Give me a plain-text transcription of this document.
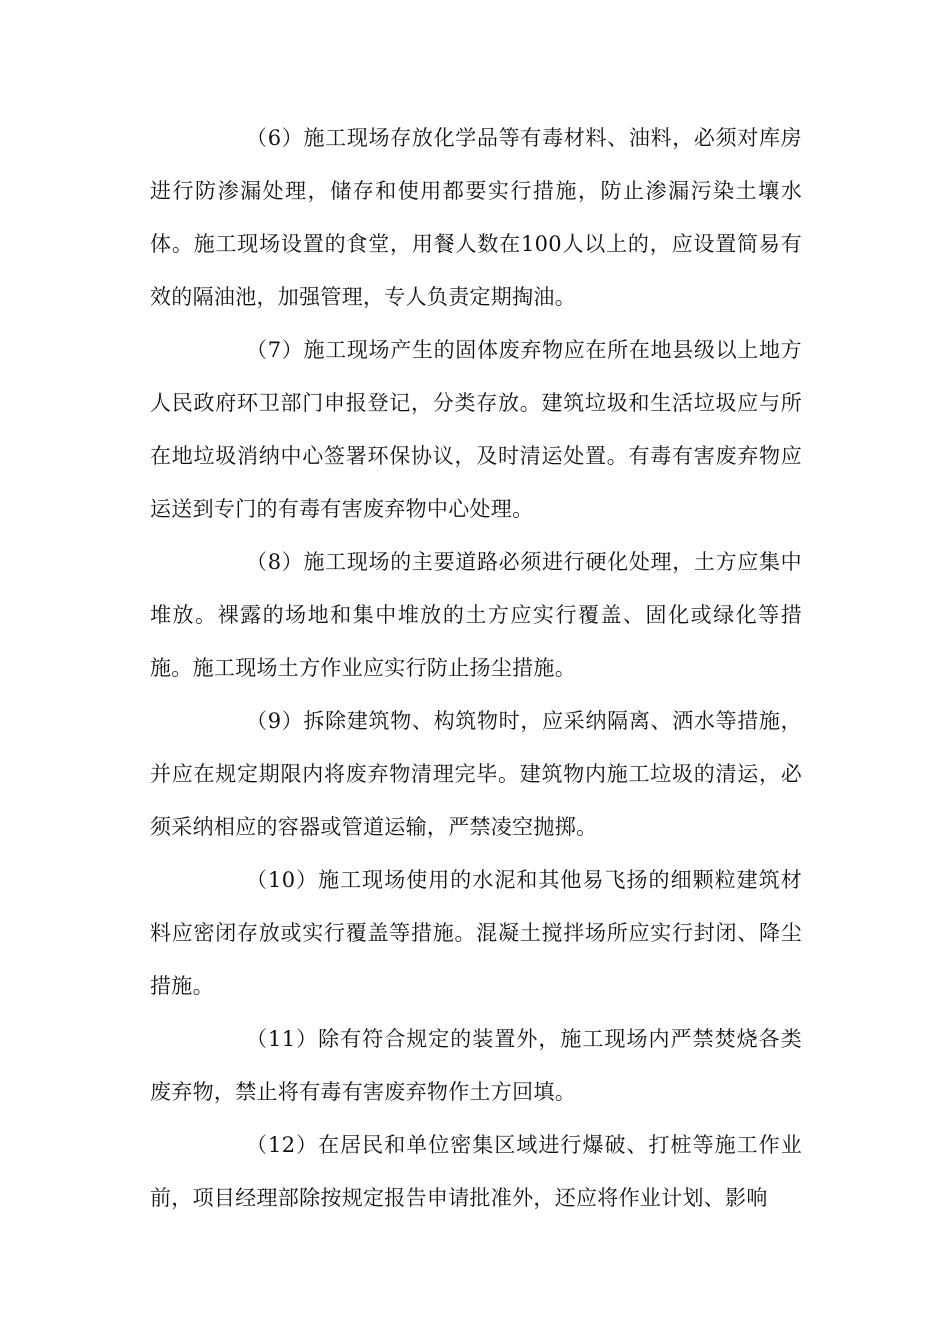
（6）施工现场存放化学品等有毒材料、油料，必须对库房进行防渗漏处理，储存和使用都要实行措施，防止渗漏污染土壤水体。施工现场设置的食堂，用餐人数在100人以上的，应设置简易有效的隔油池，加强管理，专人负责定期掏油。

（7）施工现场产生的固体废弃物应在所在地县级以上地方人民政府环卫部门申报登记，分类存放。建筑垃圾和生活垃圾应与所在地垃圾消纳中心签署环保协议，及时清运处置。有毒有害废弃物应运送到专门的有毒有害废弃物中心处理。

（8）施工现场的主要道路必须进行硬化处理，土方应集中堆放。裸露的场地和集中堆放的土方应实行覆盖、固化或绿化等措施。施工现场土方作业应实行防止扬尘措施。

（9）拆除建筑物、构筑物时，应采纳隔离、洒水等措施，并应在规定期限内将废弃物清理完毕。建筑物内施工垃圾的清运，必须采纳相应的容器或管道运输，严禁凌空抛掷。

（10）施工现场使用的水泥和其他易飞扬的细颗粒建筑材料应密闭存放或实行覆盖等措施。混凝土搅拌场所应实行封闭、降尘措施。

（11）除有符合规定的装置外，施工现场内严禁焚烧各类废弃物，禁止将有毒有害废弃物作土方回填。

（12）在居民和单位密集区域进行爆破、打桩等施工作业前，项目经理部除按规定报告申请批准外，还应将作业计划、影响
